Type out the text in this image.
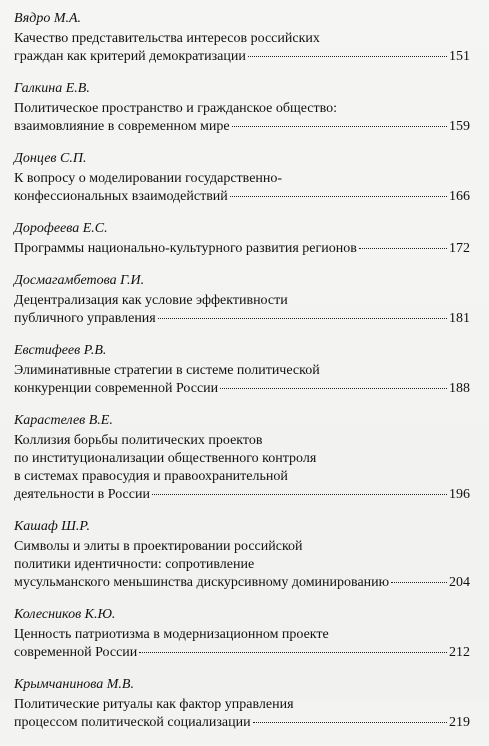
Вядро М.А.
Качество представительства интересов российских
граждан как критерий демократизации	151
Галкина Е.В.
Политическое пространство и гражданское общество:
взаимовлияние в современном мире	159
Донцев С.П.
К вопросу о моделировании государственно-
конфессиональных взаимодействий	166
Дорофеева Е.С.
Программы национально-культурного развития регионов	172
Досмагамбетова Г.И.
Децентрализация как условие эффективности
публичного управления	181
Евстифеев Р.В.
Элиминативные стратегии в системе политической
конкуренции современной России	188
Карастелев В.Е.
Коллизия борьбы политических проектов
по институционализации общественного контроля
в системах правосудия и правоохранительной
деятельности в России	196
Кашаф Ш.Р.
Символы и элиты в проектировании российской
политики идентичности: сопротивление
мусульманского меньшинства дискурсивному доминированию	204
Колесников К.Ю.
Ценность патриотизма в модернизационном проекте
современной России	212
Крымчанинова М.В.
Политические ритуалы как фактор управления
процессом политической социализации	219
